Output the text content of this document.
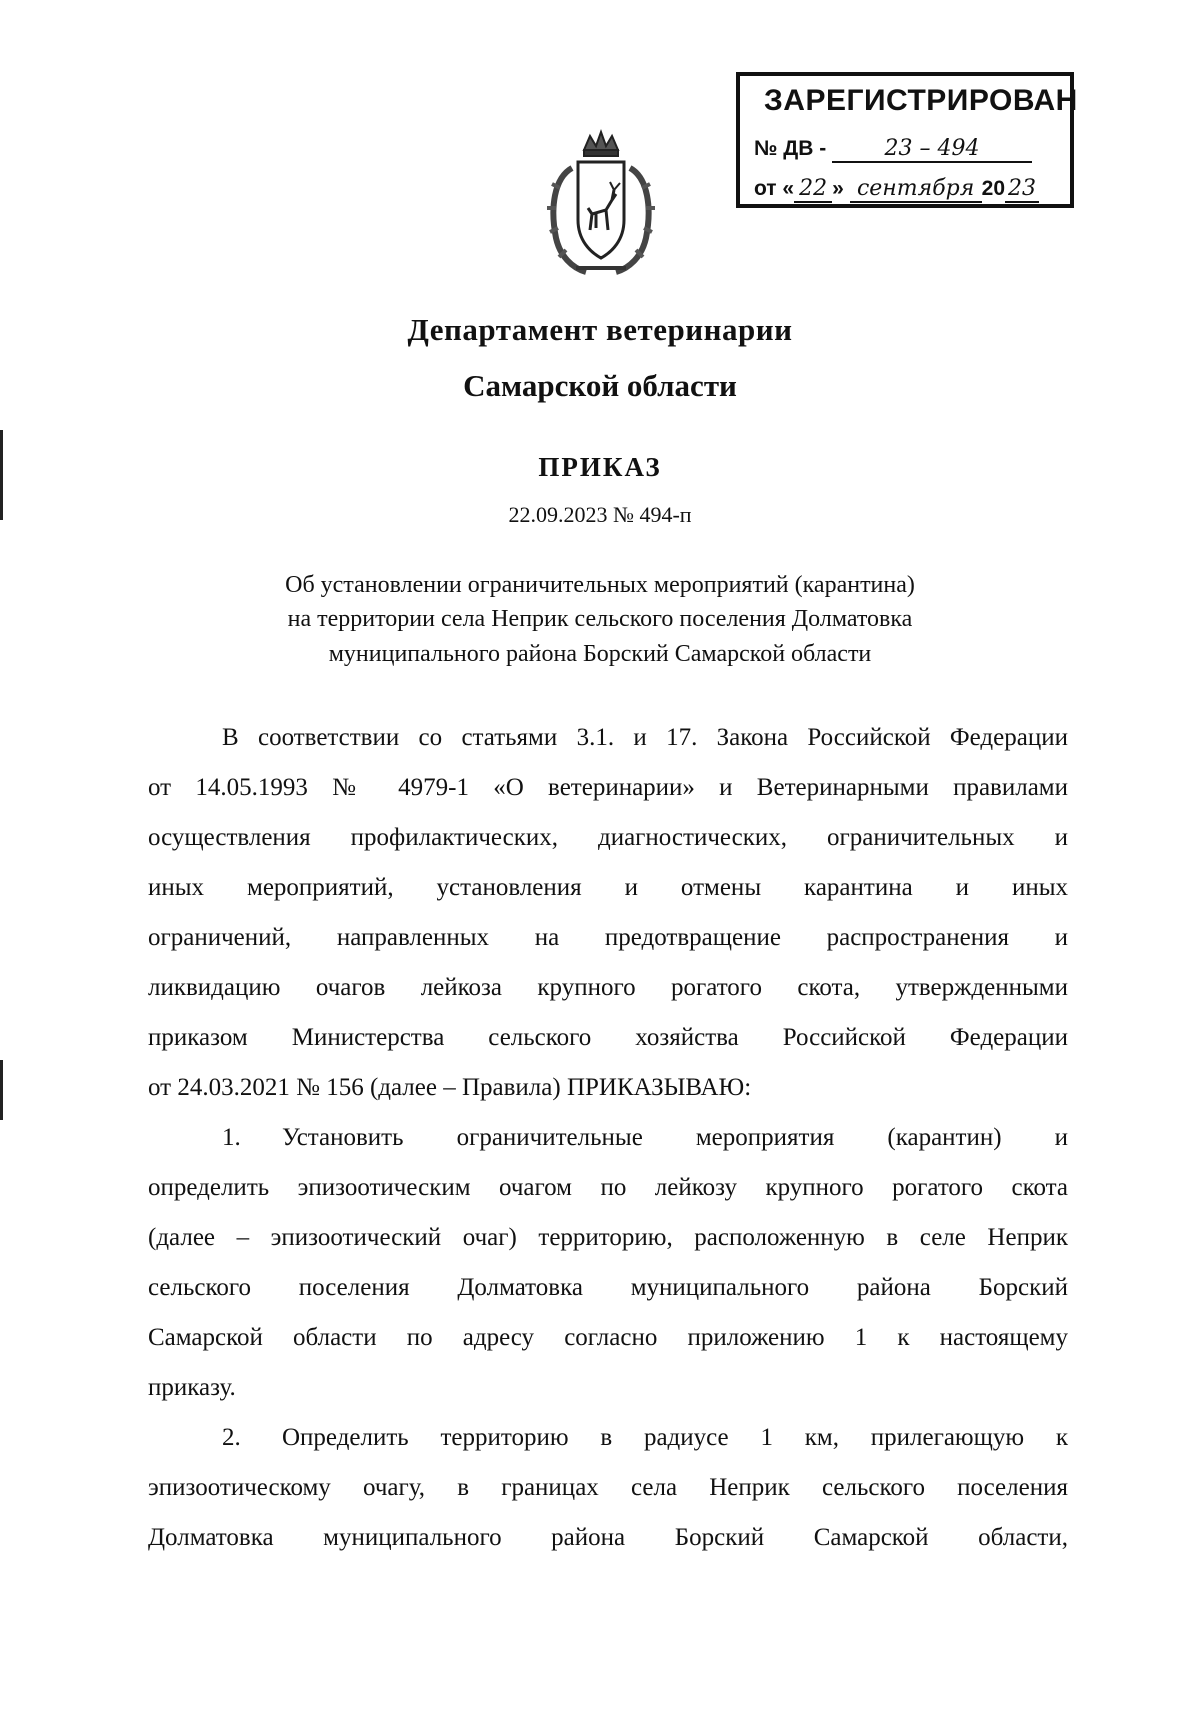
ЗАРЕГИСТРИРОВАН
№ ДВ -	23 – 494
от « 22 » сентября 20 23
Департамент ветеринарии
Самарской области
ПРИКАЗ
22.09.2023 № 494-п
Об установлении ограничительных мероприятий (карантина)
на территории села Неприк сельского поселения Долматовка
муниципального района Борский Самарской области
В соответствии со статьями 3.1. и 17. Закона Российской Федерации
от 14.05.1993 № 4979-1 «О ветеринарии» и Ветеринарными правилами
осуществления профилактических, диагностических, ограничительных и
иных мероприятий, установления и отмены карантина и иных
ограничений, направленных на предотвращение распространения и
ликвидацию очагов лейкоза крупного рогатого скота, утвержденными
приказом Министерства сельского хозяйства Российской Федерации
от 24.03.2021 № 156 (далее – Правила) ПРИКАЗЫВАЮ:
1. Установить ограничительные мероприятия (карантин) и
определить эпизоотическим очагом по лейкозу крупного рогатого скота
(далее – эпизоотический очаг) территорию, расположенную в селе Неприк
сельского поселения Долматовка муниципального района Борский
Самарской области по адресу согласно приложению 1 к настоящему
приказу.
2. Определить территорию в радиусе 1 км, прилегающую к
эпизоотическому очагу, в границах села Неприк сельского поселения
Долматовка муниципального района Борский Самарской области,
